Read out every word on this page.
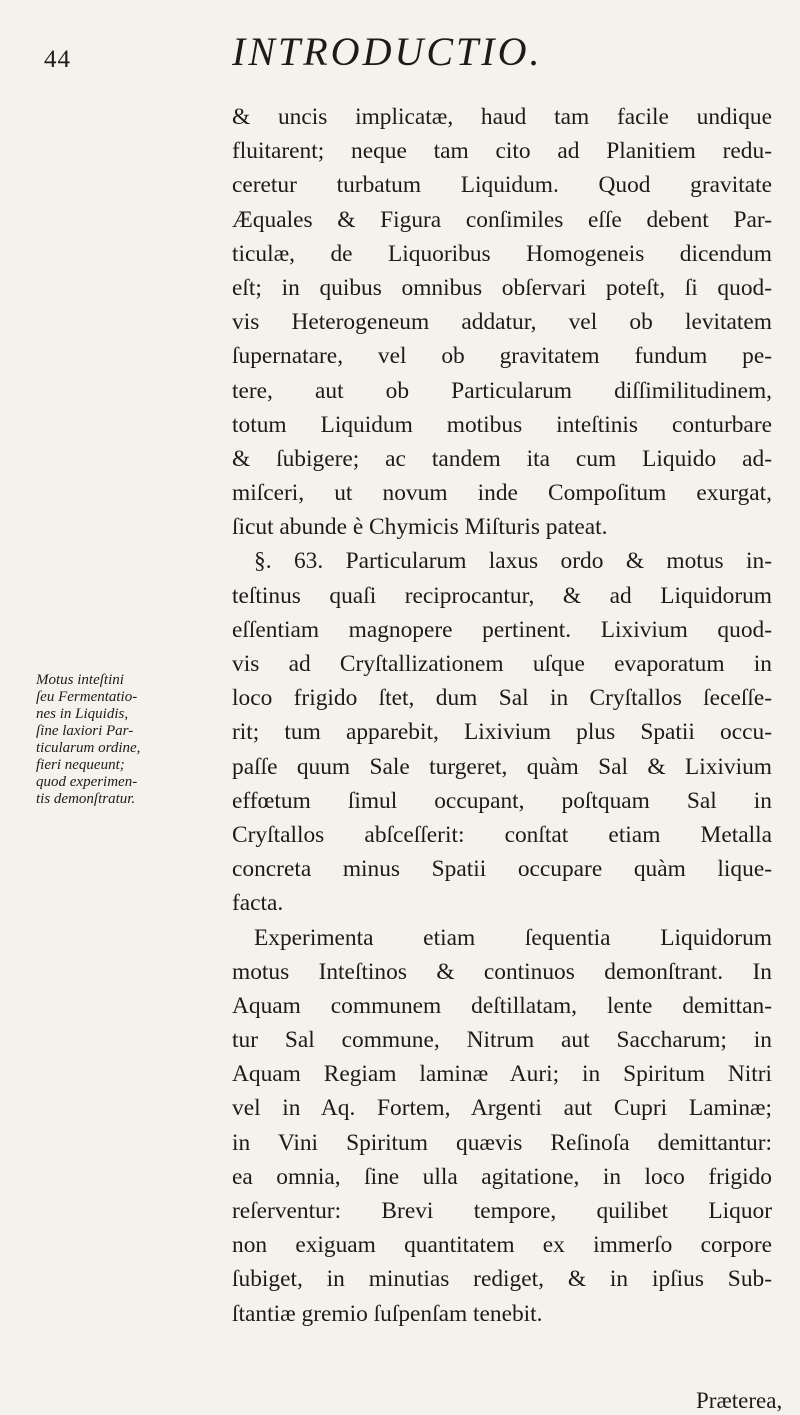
44	INTRODUCTIO.
Motus inteſtini
ſeu Fermentatio-
nes in Liquidis,
ſine laxiori Par-
ticularum ordine,
fieri nequeunt;
quod experimen-
tis demonſtratur.
& uncis implicatæ, haud tam facile undique
fluitarent; neque tam cito ad Planitiem redu-
ceretur turbatum Liquidum. Quod gravitate
Æquales & Figura conſimiles eſſe debent Par-
ticulæ, de Liquoribus Homogeneis dicendum
eſt; in quibus omnibus obſervari poteſt, ſi quod-
vis Heterogeneum addatur, vel ob levitatem
ſupernatare, vel ob gravitatem fundum pe-
tere, aut ob Particularum diſſimilitudinem,
totum Liquidum motibus inteſtinis conturbare
& ſubigere; ac tandem ita cum Liquido ad-
miſceri, ut novum inde Compoſitum exurgat,
ſicut abunde è Chymicis Miſturis pateat.
§. 63. Particularum laxus ordo & motus in-
teſtinus quaſi reciprocantur, & ad Liquidorum
eſſentiam magnopere pertinent. Lixivium quod-
vis ad Cryſtallizationem uſque evaporatum in
loco frigido ſtet, dum Sal in Cryſtallos ſeceſſe-
rit; tum apparebit, Lixivium plus Spatii occu-
paſſe quum Sale turgeret, quàm Sal & Lixivium
effœtum ſimul occupant, poſtquam Sal in
Cryſtallos abſceſſerit: conſtat etiam Metalla
concreta minus Spatii occupare quàm lique-
facta.
Experimenta etiam ſequentia Liquidorum
motus Inteſtinos & continuos demonſtrant. In
Aquam communem deſtillatam, lente demittan-
tur Sal commune, Nitrum aut Saccharum; in
Aquam Regiam laminæ Auri; in Spiritum Nitri
vel in Aq. Fortem, Argenti aut Cupri Laminæ;
in Vini Spiritum quævis Reſinoſa demittantur:
ea omnia, ſine ulla agitatione, in loco frigido
reſerventur: Brevi tempore, quilibet Liquor
non exiguam quantitatem ex immerſo corpore
ſubiget, in minutias rediget, & in ipſius Sub-
ſtantiæ gremio ſuſpenſam tenebit.
Præterea,
